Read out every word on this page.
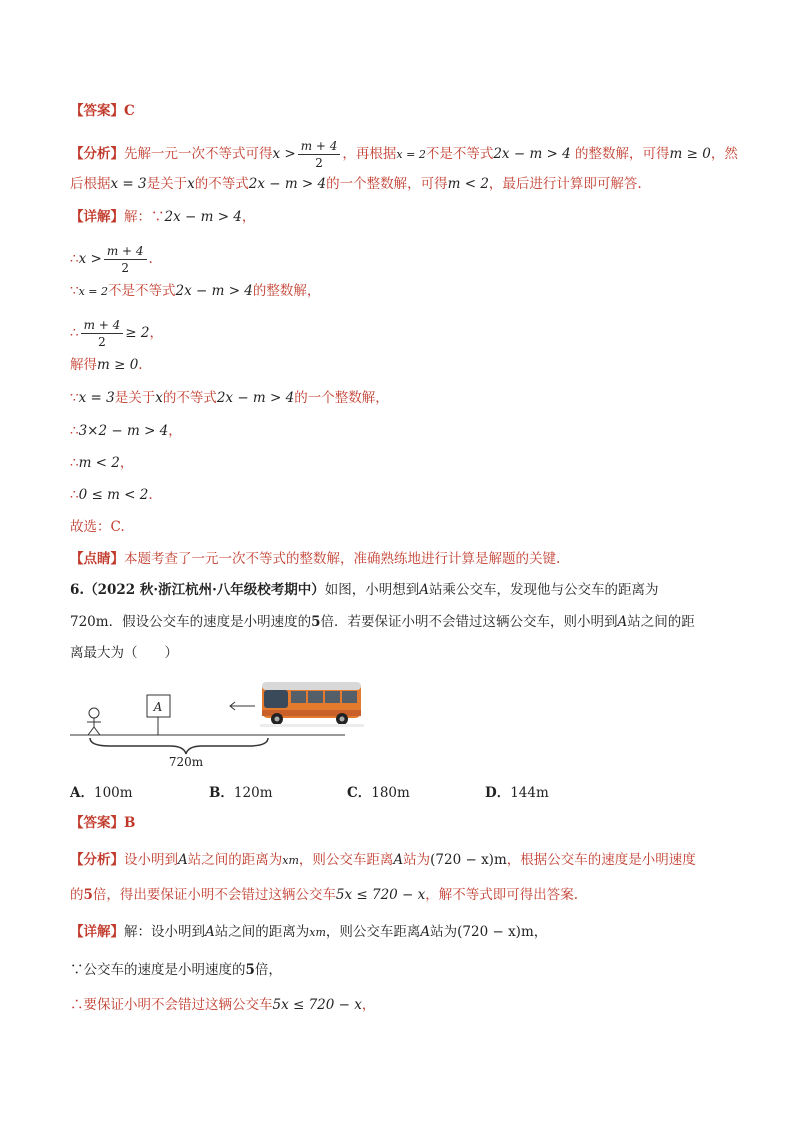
【答案】C
【分析】先解一元一次不等式可得$x > \frac{m + 4}{2}$ ，再根据x = 2不是不等式2x − m > 4 的整数解，可得m ≥ 0，然
后根据x = 3是关于x的不等式2x − m > 4的一个整数解，可得m < 2，最后进行计算即可解答.
【详解】解：∵2x − m > 4，
∴x > $\frac{m + 4}{2}$ .
∵x = 2不是不等式2x − m > 4的整数解，
∴ $\frac{m + 4}{2} \ge 2$，
解得m ≥ 0.
∵x = 3是关于x的不等式2x − m > 4的一个整数解，
∴3×2 − m > 4，
∴m < 2，
∴0 ≤ m < 2.
故选：C.
【点睛】本题考查了一元一次不等式的整数解，准确熟练地进行计算是解题的关键.
6.（2022 秋·浙江杭州·八年级校考期中）如图，小明想到A站乘公交车，发现他与公交车的距离为
720m．假设公交车的速度是小明速度的5倍．若要保证小明不会错过这辆公交车，则小明到A站之间的距
离最大为（　　）
A
720m
A．100m	B．120m	C．180m	D．144m
【答案】B
【分析】设小明到A站之间的距离为xm，则公交车距离A站为(720 − x)m，根据公交车的速度是小明速度
的5倍，得出要保证小明不会错过这辆公交车5x ≤ 720 − x，解不等式即可得出答案.
【详解】解：设小明到A站之间的距离为xm，则公交车距离A站为(720 − x)m，
∵公交车的速度是小明速度的5倍，
∴要保证小明不会错过这辆公交车5x ≤ 720 − x，
